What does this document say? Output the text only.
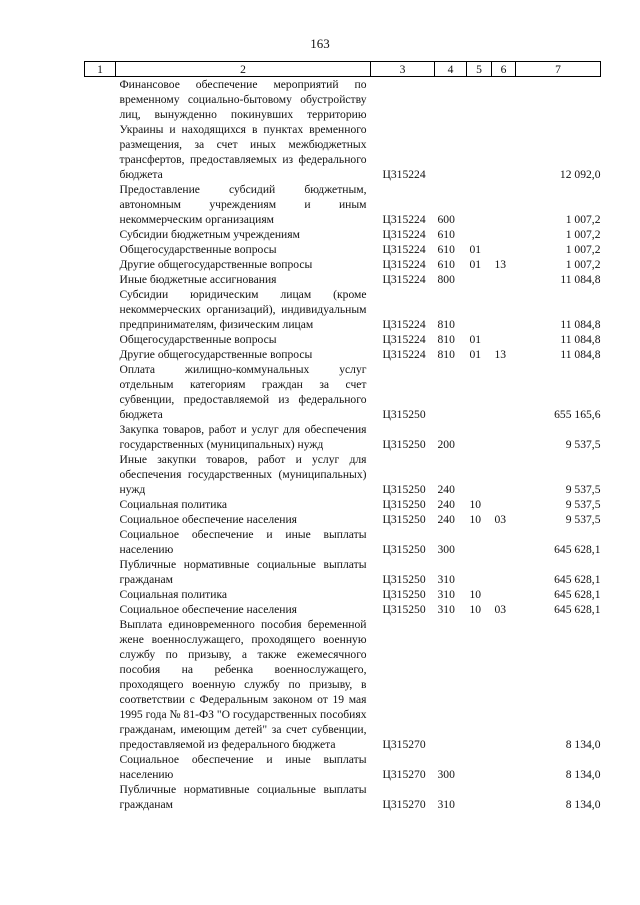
163
1	2	3	4	5	6	7
	Финансовое обеспечение мероприятий по временному социально-бытовому обустройству лиц, вынужденно покинувших территорию Украины и находящихся в пунктах временного размещения, за счет иных межбюджетных трансфертов, предоставляемых из федерального бюджета	Ц315224				12 092,0
	Предоставление субсидий бюджетным, автономным учреждениям и иным некоммерческим организациям	Ц315224	600			1 007,2
	Субсидии бюджетным учреждениям	Ц315224	610			1 007,2
	Общегосударственные вопросы	Ц315224	610	01		1 007,2
	Другие общегосударственные вопросы	Ц315224	610	01	13	1 007,2
	Иные бюджетные ассигнования	Ц315224	800			11 084,8
	Субсидии юридическим лицам (кроме некоммерческих организаций), индивидуальным предпринимателям, физическим лицам	Ц315224	810			11 084,8
	Общегосударственные вопросы	Ц315224	810	01		11 084,8
	Другие общегосударственные вопросы	Ц315224	810	01	13	11 084,8
	Оплата жилищно-коммунальных услуг отдельным категориям граждан за счет субвенции, предоставляемой из федерального бюджета	Ц315250				655 165,6
	Закупка товаров, работ и услуг для обеспечения государственных (муниципальных) нужд	Ц315250	200			9 537,5
	Иные закупки товаров, работ и услуг для обеспечения государственных (муниципальных) нужд	Ц315250	240			9 537,5
	Социальная политика	Ц315250	240	10		9 537,5
	Социальное обеспечение населения	Ц315250	240	10	03	9 537,5
	Социальное обеспечение и иные выплаты населению	Ц315250	300			645 628,1
	Публичные нормативные социальные выплаты гражданам	Ц315250	310			645 628,1
	Социальная политика	Ц315250	310	10		645 628,1
	Социальное обеспечение населения	Ц315250	310	10	03	645 628,1
	Выплата единовременного пособия беременной жене военнослужащего, проходящего военную службу по призыву, а также ежемесячного пособия на ребенка военнослужащего, проходящего военную службу по призыву, в соответствии с Федеральным законом от 19 мая 1995 года № 81-ФЗ "О государственных пособиях гражданам, имеющим детей" за счет субвенции, предоставляемой из федерального бюджета	Ц315270				8 134,0
	Социальное обеспечение и иные выплаты населению	Ц315270	300			8 134,0
	Публичные нормативные социальные выплаты гражданам	Ц315270	310			8 134,0
